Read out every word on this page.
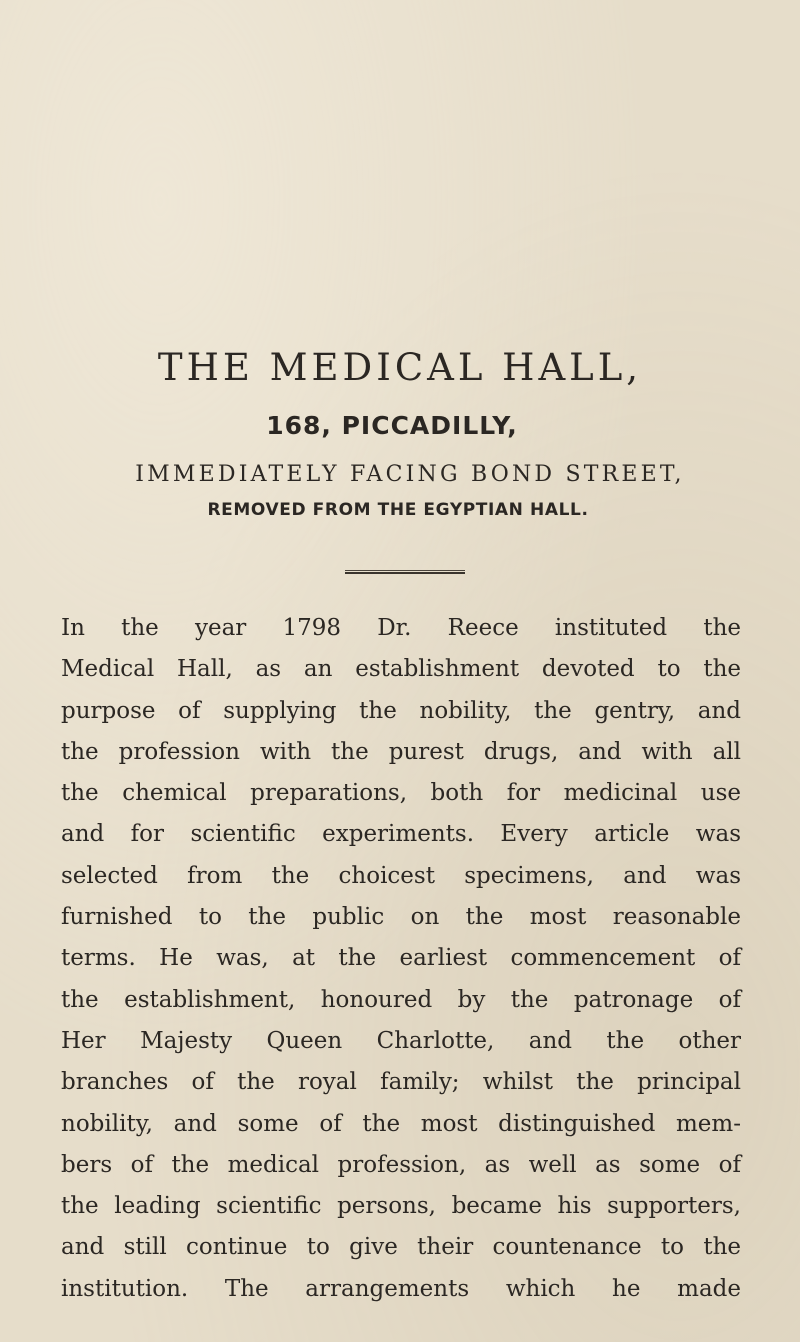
THE MEDICAL HALL,
168, PICCADILLY,
IMMEDIATELY FACING BOND STREET,
REMOVED FROM THE EGYPTIAN HALL.
In the year 1798 Dr. Reece instituted the
Medical Hall, as an establishment devoted to the
purpose of supplying the nobility, the gentry, and
the profession with the purest drugs, and with all
the chemical preparations, both for medicinal use
and for scientific experiments. Every article was
selected from the choicest specimens, and was
furnished to the public on the most reasonable
terms. He was, at the earliest commencement of
the establishment, honoured by the patronage of
Her Majesty Queen Charlotte, and the other
branches of the royal family; whilst the principal
nobility, and some of the most distinguished mem-
bers of the medical profession, as well as some of
the leading scientific persons, became his supporters,
and still continue to give their countenance to the
institution. The arrangements which he made
